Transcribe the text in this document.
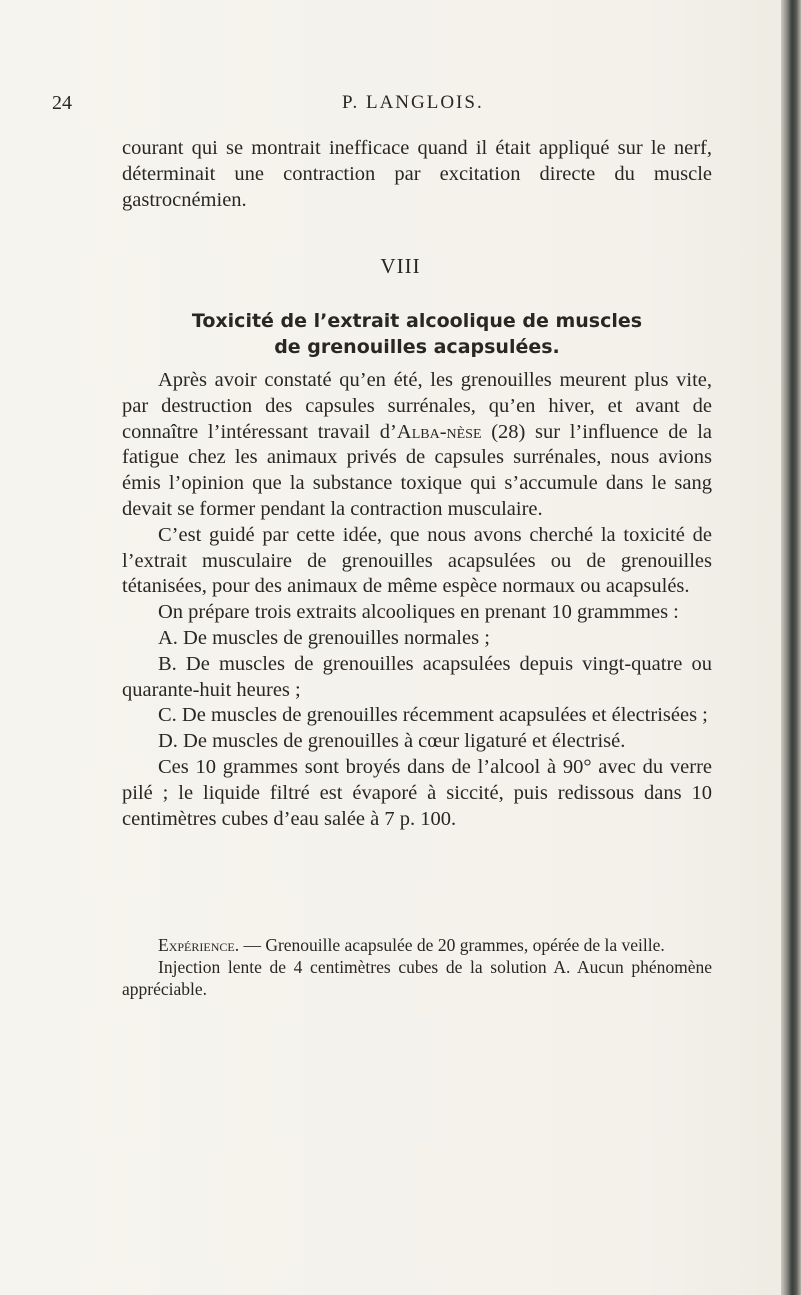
24	P. LANGLOIS.
courant qui se montrait inefficace quand il était appliqué sur le nerf, déterminait une contraction par excitation directe du muscle gastrocnémien.
VIII
Toxicité de l’extrait alcoolique de muscles
de grenouilles acapsulées.

Après avoir constaté qu’en été, les grenouilles meurent plus vite, par destruction des capsules surrénales, qu’en hiver, et avant de connaître l’intéressant travail d’Alba-nèse (28) sur l’influence de la fatigue chez les animaux privés de capsules surrénales, nous avions émis l’opinion que la substance toxique qui s’accumule dans le sang devait se former pendant la contraction musculaire.

C’est guidé par cette idée, que nous avons cherché la toxicité de l’extrait musculaire de grenouilles acapsulées ou de grenouilles tétanisées, pour des animaux de même espèce normaux ou acapsulés.

On prépare trois extraits alcooliques en prenant 10 grammmes :

A. De muscles de grenouilles normales ;

B. De muscles de grenouilles acapsulées depuis vingt-quatre ou quarante-huit heures ;

C. De muscles de grenouilles récemment acapsulées et électrisées ;

D. De muscles de grenouilles à cœur ligaturé et électrisé.

Ces 10 grammes sont broyés dans de l’alcool à 90° avec du verre pilé ; le liquide filtré est évaporé à siccité, puis redissous dans 10 centimètres cubes d’eau salée à 7 p. 100.

Expérience. — Grenouille acapsulée de 20 grammes, opérée de la veille.

Injection lente de 4 centimètres cubes de la solution A. Aucun phénomène appréciable.
